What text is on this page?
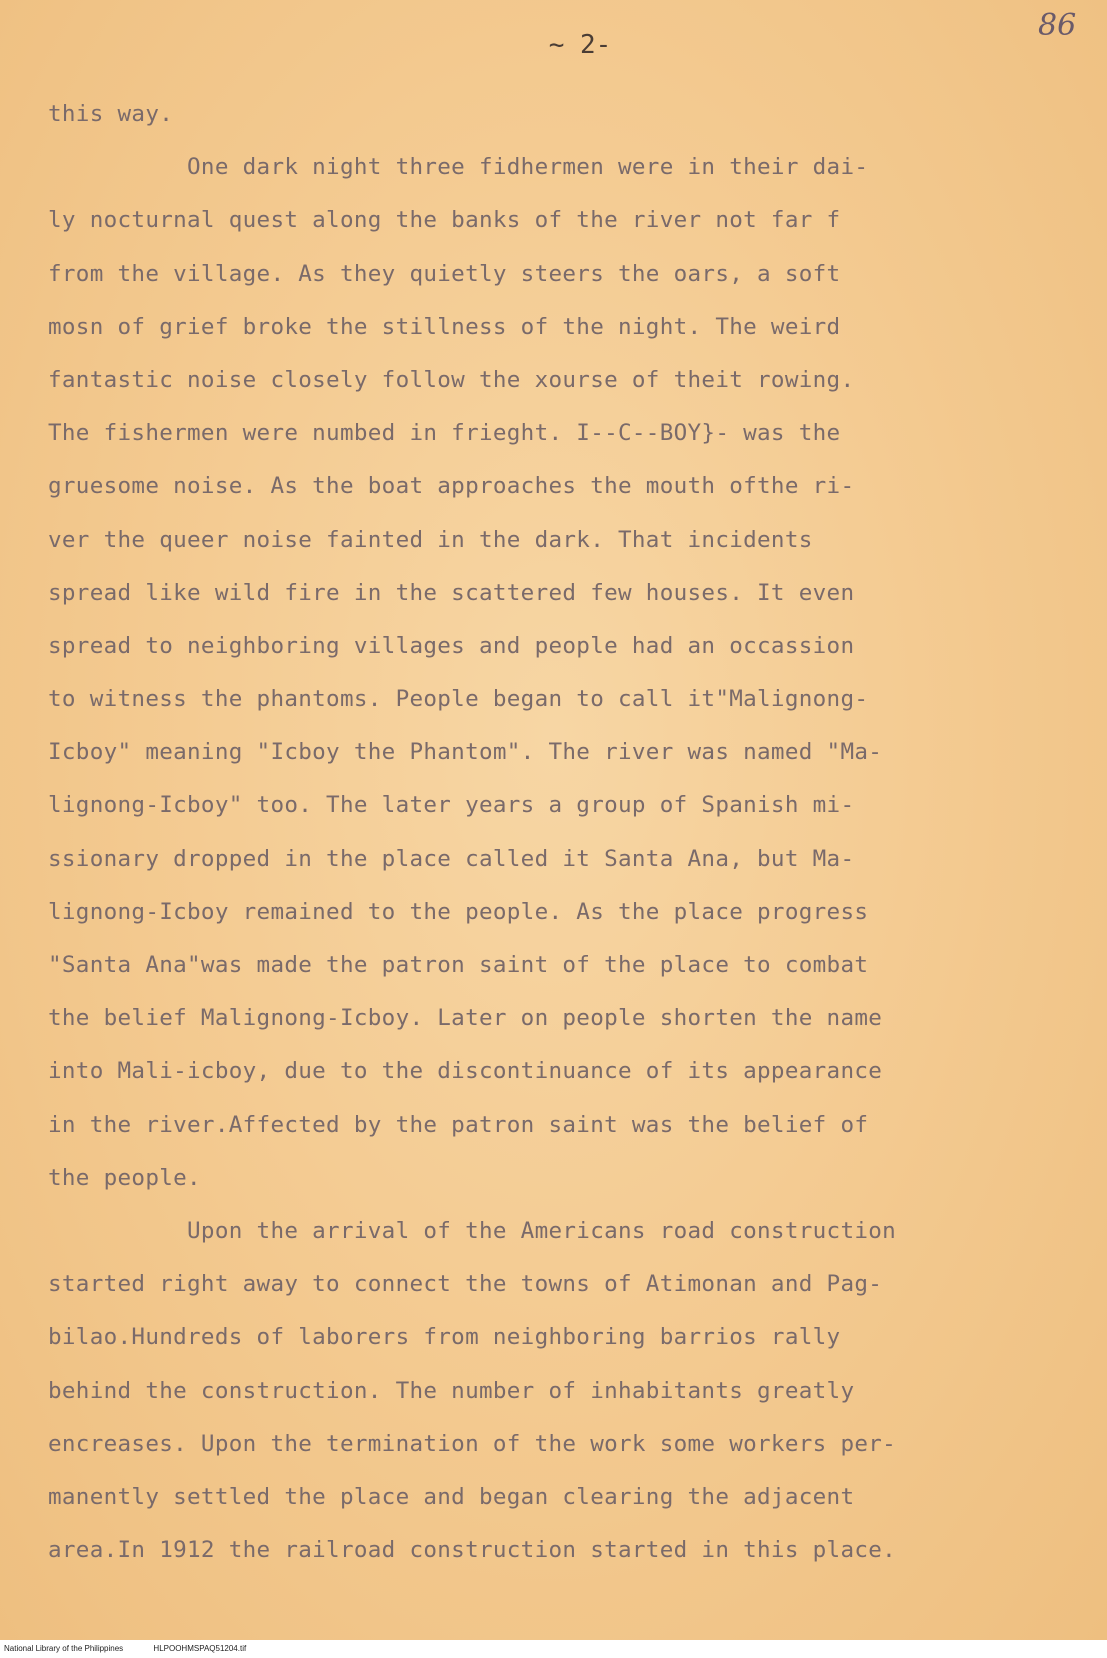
~ 2-
86
this way.
One dark night three fidhermen were in their dai-
ly nocturnal quest along the banks of the river not far f
from the village. As they quietly steers the oars, a soft
mosn of grief broke the stillness of the night. The weird
fantastic noise closely follow the xourse of theit rowing.
The fishermen were numbed in frieght. I--C--BOY}- was the
gruesome noise. As the boat approaches the mouth ofthe ri-
ver the queer noise fainted in the dark. That incidents
spread like wild fire in the scattered few houses. It even
spread to neighboring villages and people had an occassion
to witness the phantoms. People began to call it"Malignong-
Icboy" meaning "Icboy the Phantom". The river was named "Ma-
lignong-Icboy" too. The later years a group of Spanish mi-
ssionary dropped in the place called it Santa Ana, but Ma-
lignong-Icboy remained to the people. As the place progress
"Santa Ana"was made the patron saint of the place to combat
the belief Malignong-Icboy. Later on people shorten the name
into Mali-icboy, due to the discontinuance of its appearance
in the river.Affected by the patron saint was the belief of
the people.
Upon the arrival of the Americans road construction
started right away to connect the towns of Atimonan and Pag-
bilao.Hundreds of laborers from neighboring barrios rally
behind the construction. The number of inhabitants greatly
encreases. Upon the termination of the work some workers per-
manently settled the place and began clearing the adjacent
area.In 1912 the railroad construction started in this place.
National Library of the Philippines	HLPOOHMSPAQ51204.tif
